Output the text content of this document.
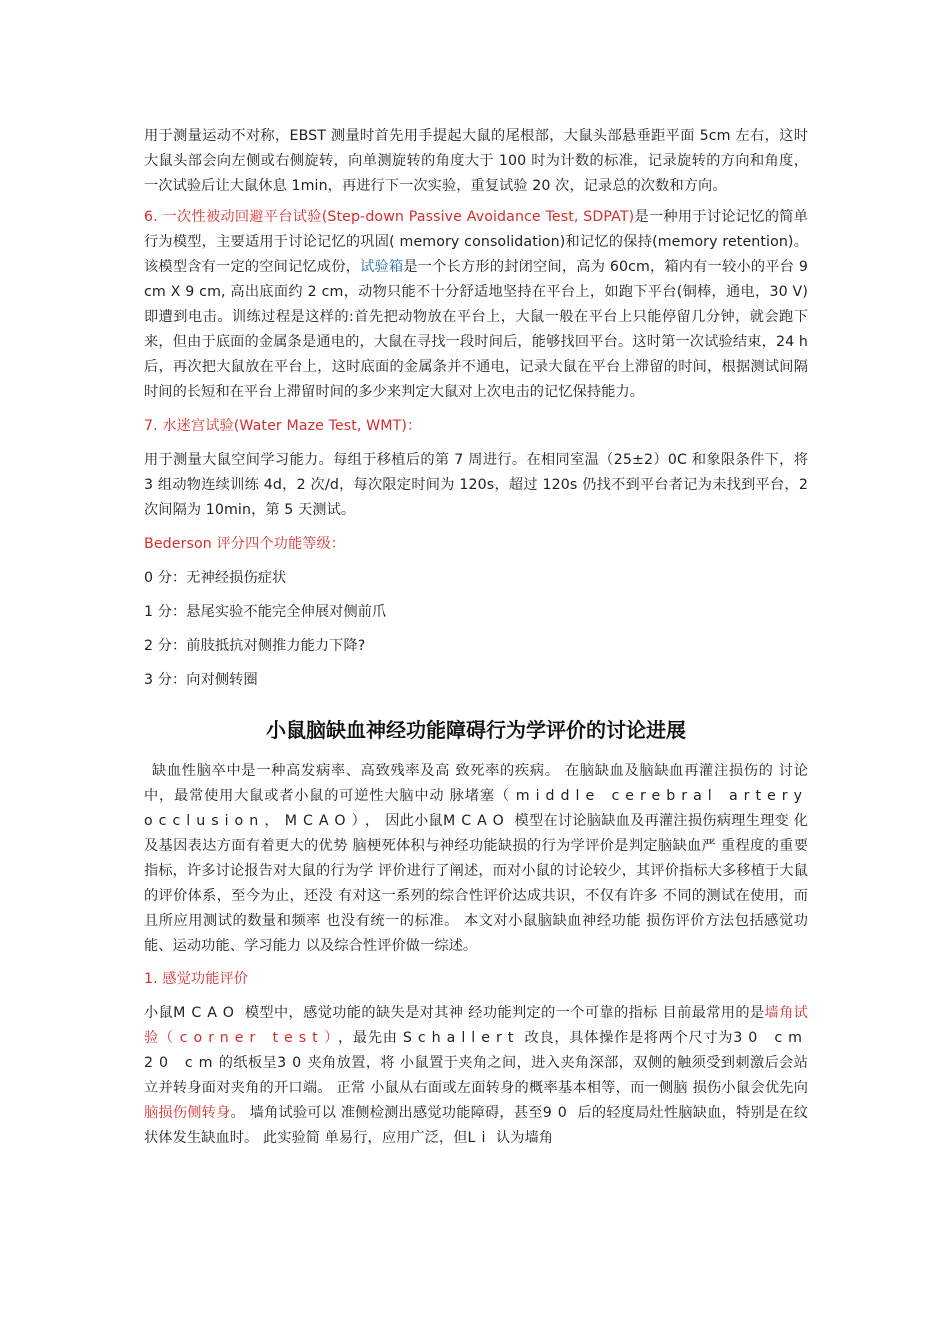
用于测量运动不对称，EBST 测量时首先用手提起大鼠的尾根部，大鼠头部悬垂距平面 5cm 左右，这时大鼠头部会向左侧或右侧旋转，向单测旋转的角度大于 100 时为计数的标准，记录旋转的方向和角度，一次试验后让大鼠休息 1min，再进行下一次实验，重复试验 20 次，记录总的次数和方向。

6. 一次性被动回避平台试验(Step-down Passive Avoidance Test, SDPAT)是一种用于讨论记忆的简单行为模型，主要适用于讨论记忆的巩固( memory consolidation)和记忆的保持(memory retention)。该模型含有一定的空间记忆成份，试验箱是一个长方形的封闭空间，高为 60cm，箱内有一较小的平台 9 cm X 9 cm, 高出底面约 2 cm，动物只能不十分舒适地坚持在平台上，如跑下平台(铜棒，通电，30 V)即遭到电击。训练过程是这样的:首先把动物放在平台上，大鼠一般在平台上只能停留几分钟，就会跑下来，但由于底面的金属条是通电的，大鼠在寻找一段时间后，能够找回平台。这时第一次试验结束，24 h 后，再次把大鼠放在平台上，这时底面的金属条并不通电，记录大鼠在平台上滞留的时间，根据测试间隔时间的长短和在平台上滞留时间的多少来判定大鼠对上次电击的记忆保持能力。

7. 水迷宫试验(Water Maze Test, WMT)：

用于测量大鼠空间学习能力。每组于移植后的第 7 周进行。在相同室温（25±2）0C 和象限条件下，将 3 组动物连续训练 4d，2 次/d，每次限定时间为 120s，超过 120s 仍找不到平台者记为未找到平台，2 次间隔为 10min，第 5 天测试。

Bederson 评分四个功能等级：

0 分：无神经损伤症状

1 分：悬尾实验不能完全伸展对侧前爪

2 分：前肢抵抗对侧推力能力下降?

3 分：向对侧转圈

小鼠脑缺血神经功能障碍行为学评价的讨论进展

缺血性脑卒中是一种高发病率、高致残率及高 致死率的疾病。 在脑缺血及脑缺血再灌注损伤的 讨论中，最常使用大鼠或者小鼠的可逆性大脑中动 脉堵塞（middle cerebral artery occlusion，MCAO），因此小鼠MCAO 模型在讨论脑缺血及再灌注损伤病理生理变 化及基因表达方面有着更大的优势 脑梗死体积与神经功能缺损的行为学评价是判定脑缺血严 重程度的重要指标，许多讨论报告对大鼠的行为学 评价进行了阐述，而对小鼠的讨论较少，其评价指标大多移植于大鼠的评价体系，至今为止，还没 有对这一系列的综合性评价达成共识，不仅有许多 不同的测试在使用，而且所应用测试的数量和频率 也没有统一的标准。 本文对小鼠脑缺血神经功能 损伤评价方法包括感觉功能、运动功能、学习能力 以及综合性评价做一综述。

1. 感觉功能评价

小鼠MCAO 模型中，感觉功能的缺失是对其神 经功能判定的一个可靠的指标 目前最常用的是墙角试验（corner test），最先由 Schallert 改良，具体操作是将两个尺寸为30 cm 20 cm的纸板呈30夹角放置，将 小鼠置于夹角之间，进入夹角深部，双侧的触须受到刺激后会站立并转身面对夹角的开口端。 正常 小鼠从右面或左面转身的概率基本相等，而一侧脑 损伤小鼠会优先向脑损伤侧转身。 墙角试验可以 准侧检测出感觉功能障碍，甚至90 后的轻度局灶性脑缺血，特别是在纹状体发生缺血时。 此实验简 单易行，应用广泛，但Li 认为墙角
